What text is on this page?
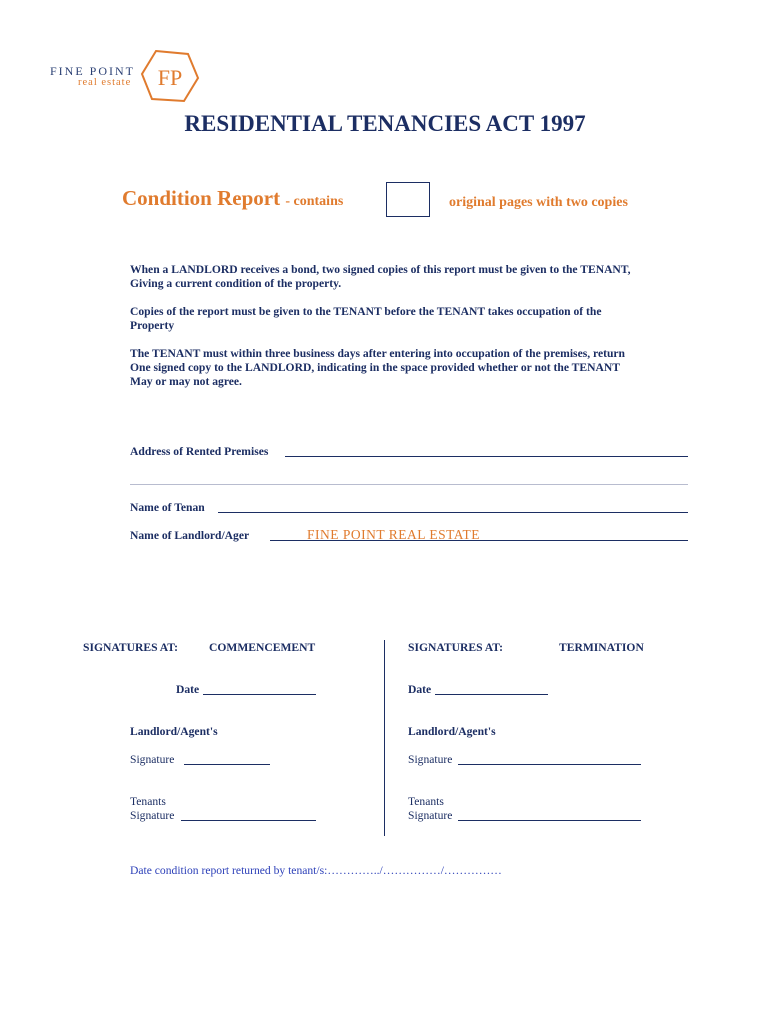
FINE POINT
real estate FP
RESIDENTIAL TENANCIES ACT 1997
Condition Report - contains	original pages with two copies
When a LANDLORD receives a bond, two signed copies of this report must be given to the TENANT,
Giving a current condition of the property.
Copies of the report must be given to the TENANT before the TENANT takes occupation of the
Property
The TENANT must within three business days after entering into occupation of the premises, return
One signed copy to the LANDLORD, indicating in the space provided whether or not the TENANT
May or may not agree.
Address of Rented Premises
Name of Tenan
Name of Landlord/Ager	FINE POINT REAL ESTATE
SIGNATURES AT:	COMMENCEMENT
Date
Landlord/Agent's
Signature
Tenants
Signature
SIGNATURES AT:	TERMINATION
Date
Landlord/Agent's
Signature
Tenants
Signature
Date condition report returned by tenant/s:…………../……………/……………
